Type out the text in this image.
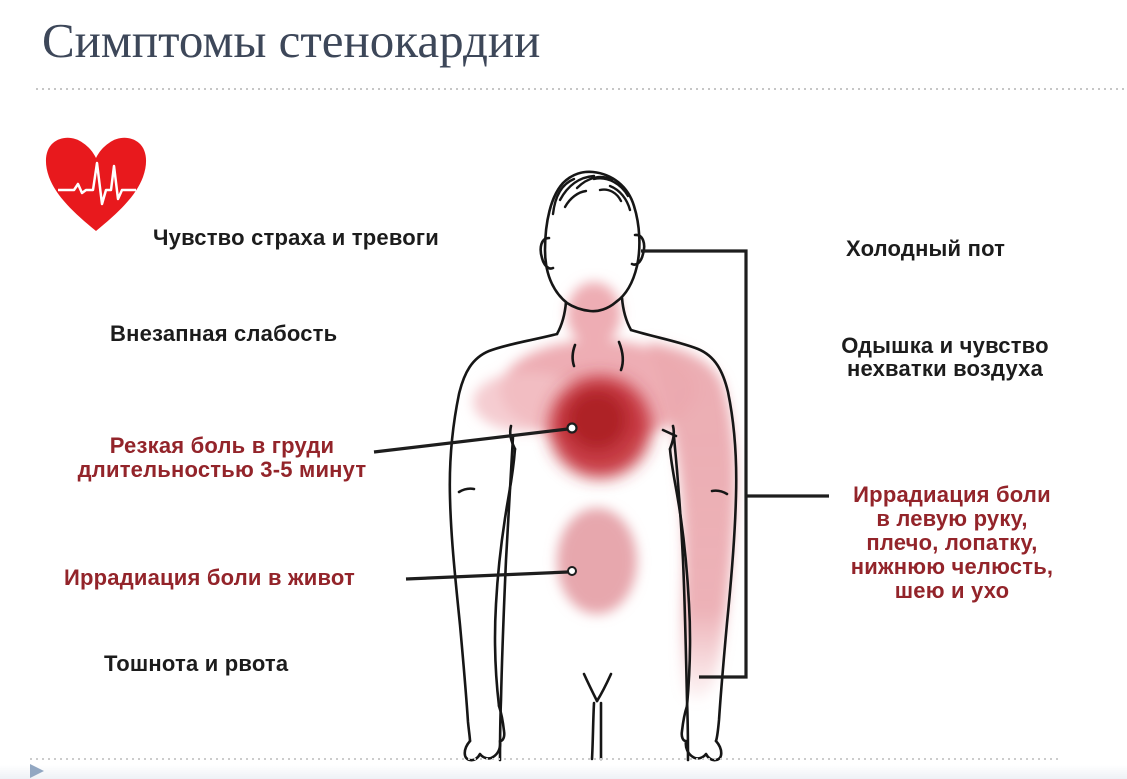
Симптомы стенокардии
Чувство страха и тревоги
Внезапная слабость
Резкая боль в груди
длительностью 3-5 минут
Иррадиация боли в живот
Тошнота и рвота
Холодный пот
Одышка и чувство
нехватки воздуха
Иррадиация боли
в левую руку,
плечо, лопатку,
нижнюю челюсть,
шею и ухо
